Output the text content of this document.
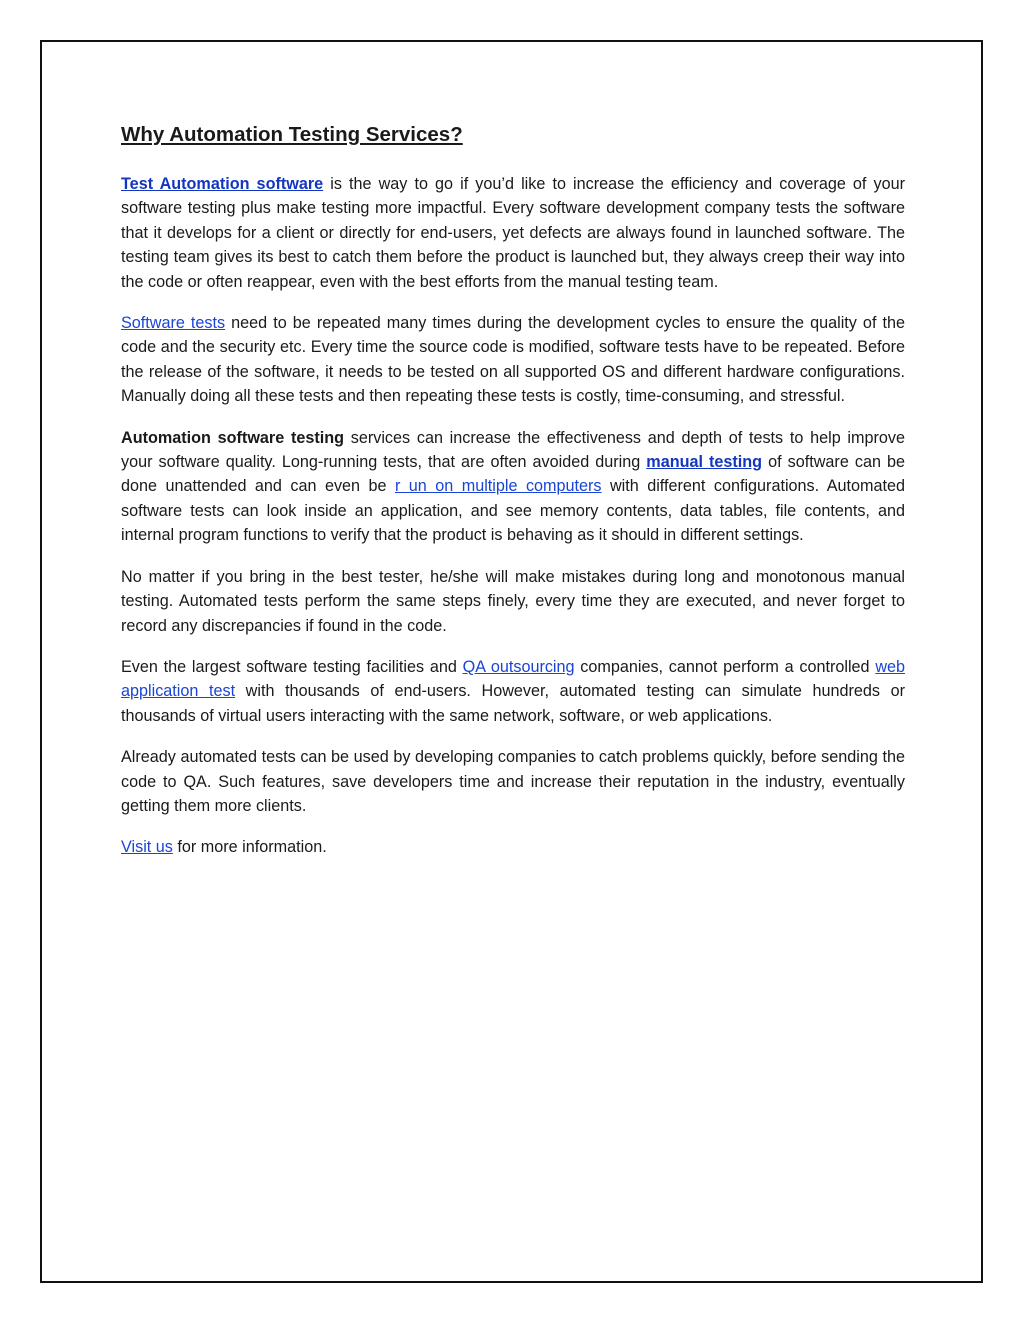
Why Automation Testing Services?

Test Automation software is the way to go if you’d like to increase the efficiency and coverage of your software testing plus make testing more impactful. Every software development company tests the software that it develops for a client or directly for end-users, yet defects are always found in launched software. The testing team gives its best to catch them before the product is launched but, they always creep their way into the code or often reappear, even with the best efforts from the manual testing team.

Software tests need to be repeated many times during the development cycles to ensure the quality of the code and the security etc. Every time the source code is modified, software tests have to be repeated. Before the release of the software, it needs to be tested on all supported OS and different hardware configurations. Manually doing all these tests and then repeating these tests is costly, time-consuming, and stressful.

Automation software testing services can increase the effectiveness and depth of tests to help improve your software quality. Long-running tests, that are often avoided during manual testing of software can be done unattended and can even be r un on multiple computers with different configurations. Automated software tests can look inside an application, and see memory contents, data tables, file contents, and internal program functions to verify that the product is behaving as it should in different settings.

No matter if you bring in the best tester, he/she will make mistakes during long and monotonous manual testing. Automated tests perform the same steps finely, every time they are executed, and never forget to record any discrepancies if found in the code.

Even the largest software testing facilities and QA outsourcing companies, cannot perform a controlled web application test with thousands of end-users. However, automated testing can simulate hundreds or thousands of virtual users interacting with the same network, software, or web applications.

Already automated tests can be used by developing companies to catch problems quickly, before sending the code to QA. Such features, save developers time and increase their reputation in the industry, eventually getting them more clients.

Visit us for more information.
